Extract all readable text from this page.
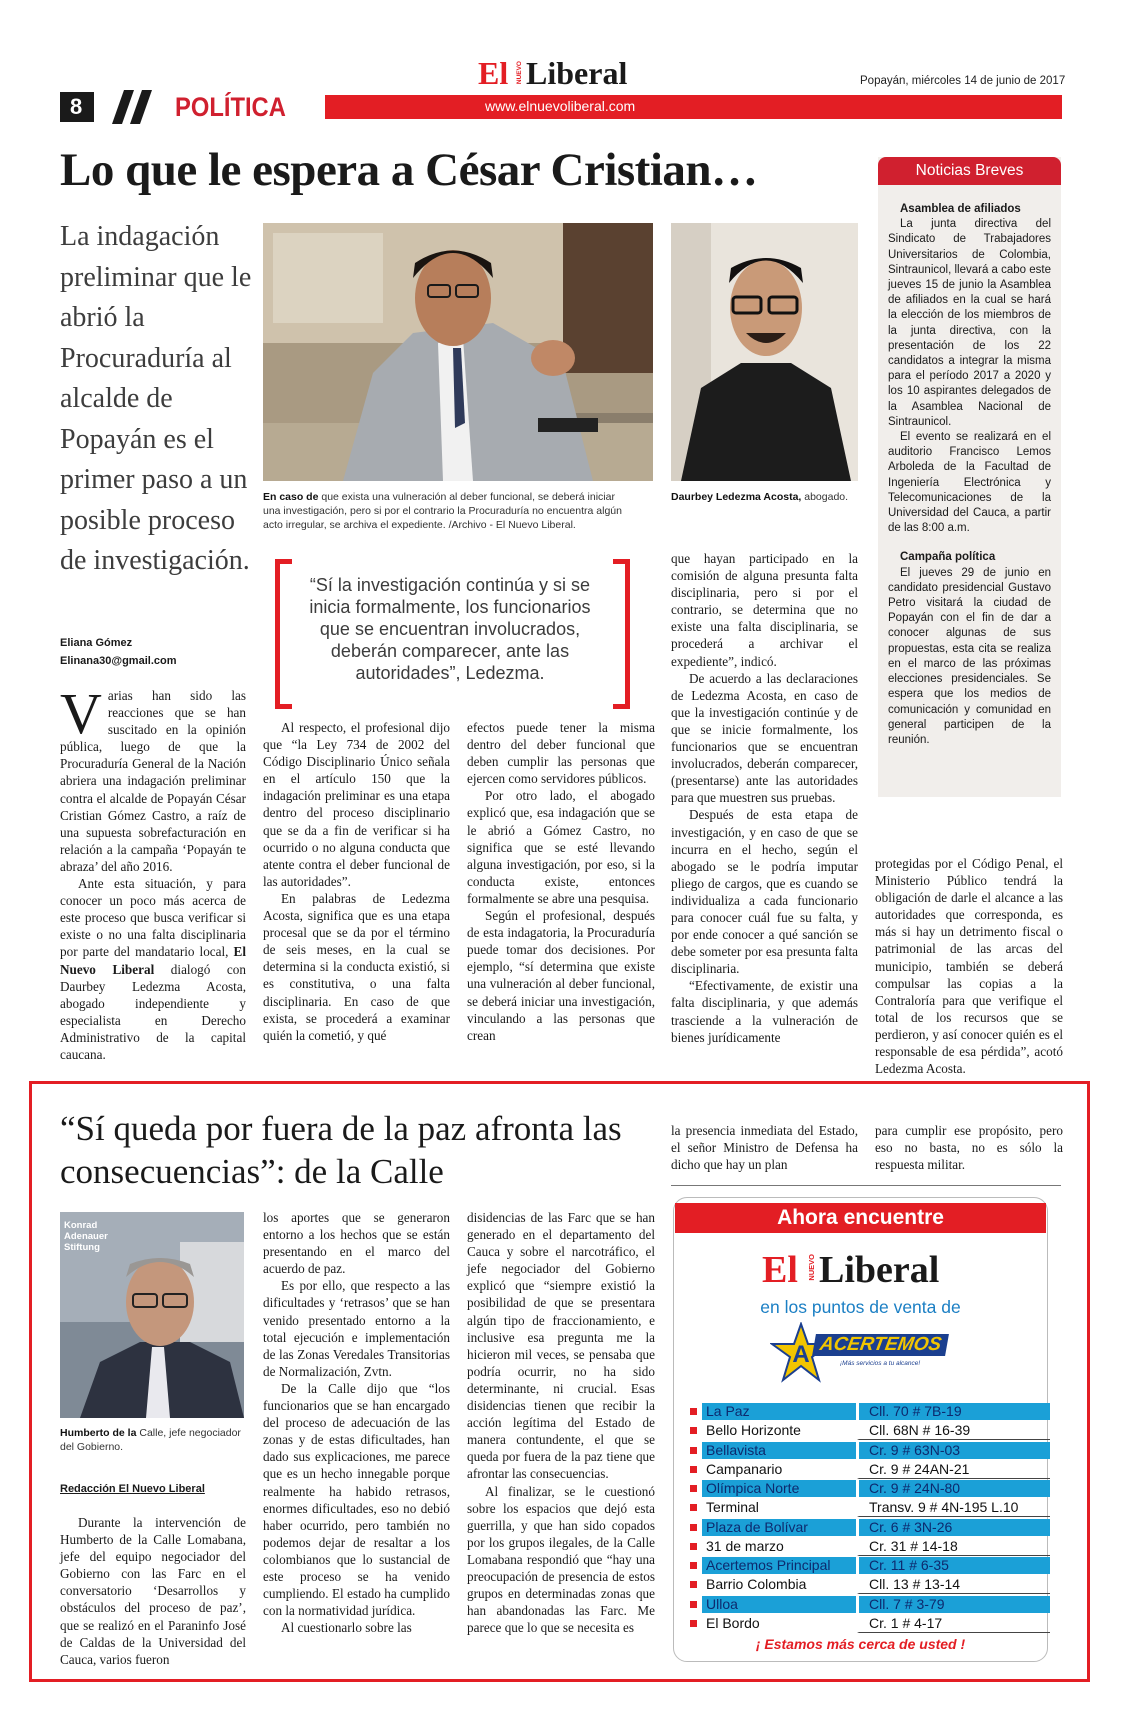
8	POLÍTICA	www.elnuevoliberal.com
El NUEVO Liberal	Popayán, miércoles 14 de junio de 2017
Lo que le espera a César Cristian…
La indagación preliminar que le abrió la Procuraduría al alcalde de Popayán es el primer paso a un posible proceso de investigación.
Eliana Gómez
Elinana30@gmail.com
En caso de que exista una vulneración al deber funcional, se deberá iniciar una investigación, pero si por el contrario la Procuraduría no encuentra algún acto irregular, se archiva el expediente. /Archivo - El Nuevo Liberal.
Daurbey Ledezma Acosta, abogado.
“Sí la investigación continúa y si se inicia formalmente, los funcionarios que se encuentran involucrados, deberán comparecer, ante las autoridades”, Ledezma.

Varias han sido las reacciones que se han suscitado en la opinión pública, luego de que la Procuraduría General de la Nación abriera una indagación preliminar contra el alcalde de Popayán César Cristian Gómez Castro, a raíz de una supuesta sobrefacturación en relación a la campaña ‘Popayán te abraza’ del año 2016.

Ante esta situación, y para conocer un poco más acerca de este proceso que busca verificar si existe o no una falta disciplinaria por parte del mandatario local, El Nuevo Liberal dialogó con Daurbey Ledezma Acosta, abogado independiente y especialista en Derecho Administrativo de la capital caucana.

Al respecto, el profesional dijo que “la Ley 734 de 2002 del Código Disciplinario Único señala en el artículo 150 que la indagación preliminar es una etapa dentro del proceso disciplinario que se da a fin de verificar si ha ocurrido o no alguna conducta que atente contra el deber funcional de las autoridades”.

En palabras de Ledezma Acosta, significa que es una etapa procesal que se da por el término de seis meses, en la cual se determina si la conducta existió, si es constitutiva, o una falta disciplinaria. En caso de que exista, se procederá a examinar quién la cometió, y qué

efectos puede tener la misma dentro del deber funcional que deben cumplir las personas que ejercen como servidores públicos.

Por otro lado, el abogado explicó que, esa indagación que se le abrió a Gómez Castro, no significa que se esté llevando alguna investigación, por eso, si la conducta existe, entonces formalmente se abre una pesquisa.

Según el profesional, después de esta indagatoria, la Procuraduría puede tomar dos decisiones. Por ejemplo, “sí determina que existe una vulneración al deber funcional, se deberá iniciar una investigación, vinculando a las personas que crean

que hayan participado en la comisión de alguna presunta falta disciplinaria, pero si por el contrario, se determina que no existe una falta disciplinaria, se procederá a archivar el expediente”, indicó.

De acuerdo a las declaraciones de Ledezma Acosta, en caso de que la investigación continúe y de que se inicie formalmente, los funcionarios que se encuentran involucrados, deberán comparecer, (presentarse) ante las autoridades para que muestren sus pruebas.

Después de esta etapa de investigación, y en caso de que se incurra en el hecho, según el abogado se le podría imputar pliego de cargos, que es cuando se individualiza a cada funcionario para conocer cuál fue su falta, y por ende conocer a qué sanción se debe someter por esa presunta falta disciplinaria.

“Efectivamente, de existir una falta disciplinaria, y que además trasciende a la vulneración de bienes jurídicamente

protegidas por el Código Penal, el Ministerio Público tendrá la obligación de darle el alcance a las autoridades que corresponda, es más si hay un detrimento fiscal o patrimonial de las arcas del municipio, también se deberá compulsar las copias a la Contraloría para que verifique el total de los recursos que se perdieron, y así conocer quién es el responsable de esa pérdida”, acotó Ledezma Acosta.

Noticias Breves
Asamblea de afiliados

La junta directiva del Sindicato de Trabajadores Universitarios de Colombia, Sintraunicol, llevará a cabo este jueves 15 de junio la Asamblea de afiliados en la cual se hará la elección de los miembros de la junta directiva, con la presentación de los 22 candidatos a integrar la misma para el período 2017 a 2020 y los 10 aspirantes delegados de la Asamblea Nacional de Sintraunicol.

El evento se realizará en el auditorio Francisco Lemos Arboleda de la Facultad de Ingeniería Electrónica y Telecomunicaciones de la Universidad del Cauca, a partir de las 8:00 a.m.

Campaña política

El jueves 29 de junio en candidato presidencial Gustavo Petro visitará la ciudad de Popayán con el fin de dar a conocer algunas de sus propuestas, esta cita se realiza en el marco de las próximas elecciones presidenciales. Se espera que los medios de comunicación y comunidad en general participen de la reunión.

“Sí queda por fuera de la paz afronta las consecuencias”: de la Calle
Konrad Adenauer Stiftung
Humberto de la Calle, jefe negociador del Gobierno.
Redacción El Nuevo Liberal

Durante la intervención de Humberto de la Calle Lomabana, jefe del equipo negociador del Gobierno con las Farc en el conversatorio ‘Desarrollos y obstáculos del proceso de paz’, que se realizó en el Paraninfo José de Caldas de la Universidad del Cauca, varios fueron

los aportes que se generaron entorno a los hechos que se están presentando en el marco del acuerdo de paz.

Es por ello, que respecto a las dificultades y ‘retrasos’ que se han venido presentado entorno a la total ejecución e implementación de las Zonas Veredales Transitorias de Normalización, Zvtn.

De la Calle dijo que “los funcionarios que se han encargado del proceso de adecuación de las zonas y de estas dificultades, han dado sus explicaciones, me parece que es un hecho innegable porque realmente ha habido retrasos, enormes dificultades, eso no debió haber ocurrido, pero también no podemos dejar de resaltar a los colombianos que lo sustancial de este proceso se ha venido cumpliendo. El estado ha cumplido con la normatividad jurídica.

Al cuestionarlo sobre las

disidencias de las Farc que se han generado en el departamento del Cauca y sobre el narcotráfico, el jefe negociador del Gobierno explicó que “siempre existió la posibilidad de que se presentara algún tipo de fraccionamiento, e inclusive esa pregunta me la hicieron mil veces, se pensaba que podría ocurrir, no ha sido determinante, ni crucial. Esas disidencias tienen que recibir la acción legítima del Estado de manera contundente, el que se queda por fuera de la paz tiene que afrontar las consecuencias.

Al finalizar, se le cuestionó sobre los espacios que dejó esta guerrilla, y que han sido copados por los grupos ilegales, de la Calle Lomabana respondió que “hay una preocupación de presencia de estos grupos en determinadas zonas que han abandonadas las Farc. Me parece que lo que se necesita es

la presencia inmediata del Estado, el señor Ministro de Defensa ha dicho que hay un plan

para cumplir ese propósito, pero eso no basta, no es sólo la respuesta militar.

Ahora encuentre
El NUEVO Liberal
en los puntos de venta de
A ACERTEMOS
¡Más servicios a tu alcance!
La Paz	Cll. 70 # 7B-19
Bello Horizonte	Cll. 68N # 16-39
Bellavista	Cr. 9 # 63N-03
Campanario	Cr. 9 # 24AN-21
Olímpica Norte	Cr. 9 # 24N-80
Terminal	Transv. 9 # 4N-195 L.10
Plaza de Bolívar	Cr. 6 # 3N-26
31 de marzo	Cr. 31 # 14-18
Acertemos Principal	Cr. 11 # 6-35
Barrio Colombia	Cll. 13 # 13-14
Ulloa	Cll. 7 # 3-79
El Bordo	Cr. 1 # 4-17
¡ Estamos más cerca de usted !
